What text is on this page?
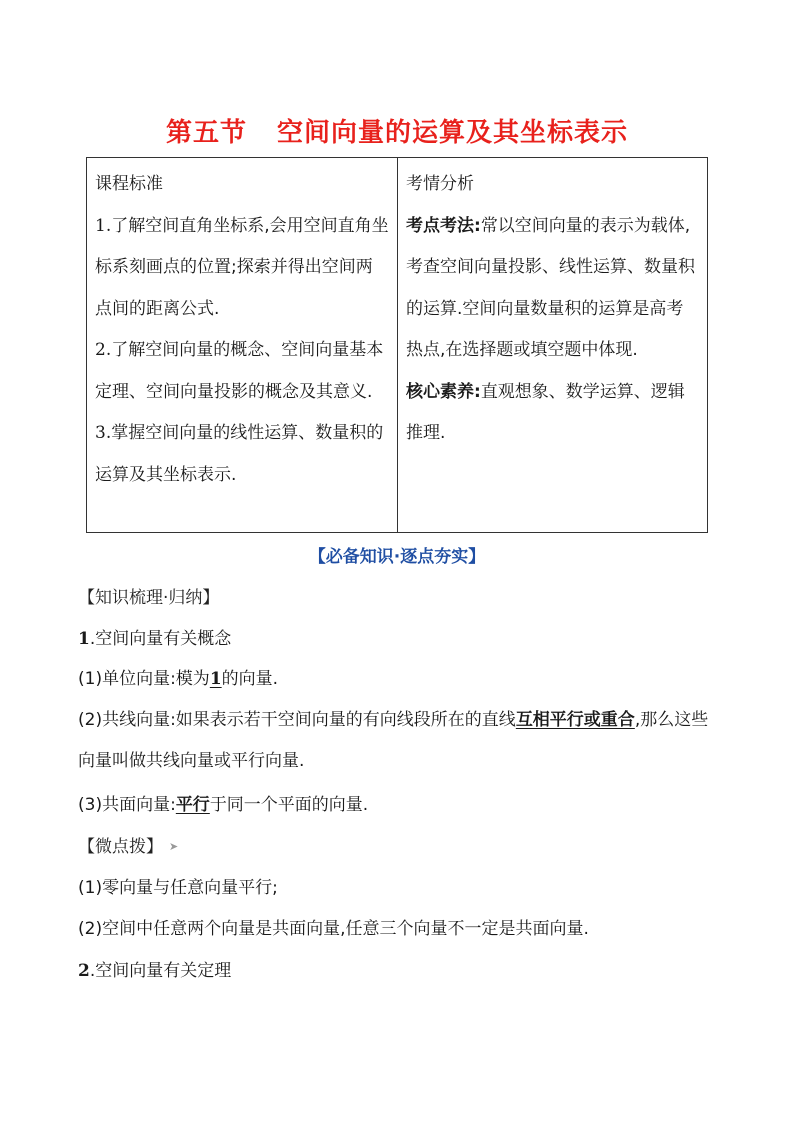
第五节 空间向量的运算及其坐标表示
课程标准
1.了解空间直角坐标系,会用空间直角坐标系刻画点的位置;探索并得出空间两点间的距离公式.
2.了解空间向量的概念、空间向量基本定理、空间向量投影的概念及其意义.
3.掌握空间向量的线性运算、数量积的运算及其坐标表示.

考情分析
考点考法:常以空间向量的表示为载体,考查空间向量投影、线性运算、数量积的运算.空间向量数量积的运算是高考热点,在选择题或填空题中体现.
核心素养:直观想象、数学运算、逻辑推理.
【必备知识·逐点夯实】
【知识梳理·归纳】
1.空间向量有关概念
(1)单位向量:模为1的向量.
(2)共线向量:如果表示若干空间向量的有向线段所在的直线互相平行或重合,那么这些向量叫做共线向量或平行向量.
(3)共面向量:平行于同一个平面的向量.
【微点拨】 ➤
(1)零向量与任意向量平行;
(2)空间中任意两个向量是共面向量,任意三个向量不一定是共面向量.
2.空间向量有关定理
